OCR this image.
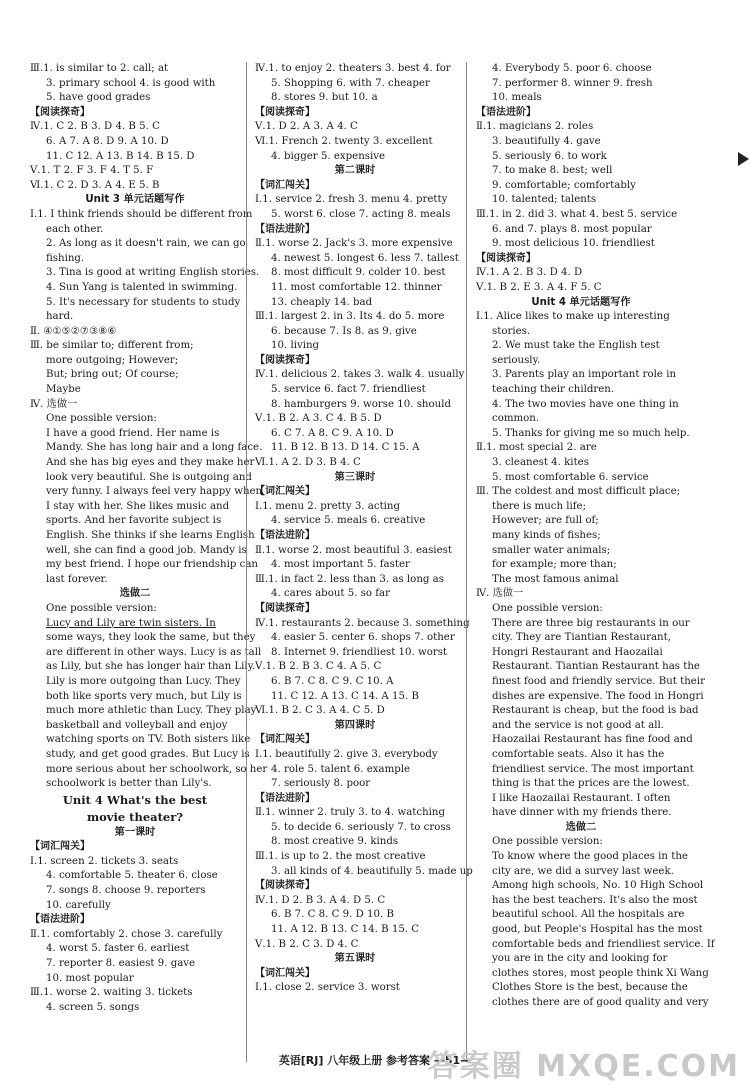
Ⅲ.1. is similar to 2. call; at
3. primary school 4. is good with
5. have good grades
【阅读探奇】
Ⅳ.1. C 2. B 3. D 4. B 5. C
6. A 7. A 8. D 9. A 10. D
11. C 12. A 13. B 14. B 15. D
Ⅴ.1. T 2. F 3. F 4. T 5. F
Ⅵ.1. C 2. D 3. A 4. E 5. B
Unit 3 单元话题写作
Ⅰ.1. I think friends should be different from
each other.
2. As long as it doesn't rain, we can go
fishing.
3. Tina is good at writing English stories.
4. Sun Yang is talented in swimming.
5. It's necessary for students to study
hard.
Ⅱ. ④①⑤②⑦③⑧⑥
Ⅲ. be similar to; different from;
more outgoing; However;
But; bring out; Of course;
Maybe
Ⅳ. 选做一
One possible version:
I have a good friend. Her name is
Mandy. She has long hair and a long face.
And she has big eyes and they make her
look very beautiful. She is outgoing and
very funny. I always feel very happy when
I stay with her. She likes music and
sports. And her favorite subject is
English. She thinks if she learns English
well, she can find a good job. Mandy is
my best friend. I hope our friendship can
last forever.
选做二
One possible version:
Lucy and Lily are twin sisters. In
some ways, they look the same, but they
are different in other ways. Lucy is as tall
as Lily, but she has longer hair than Lily.
Lily is more outgoing than Lucy. They
both like sports very much, but Lily is
much more athletic than Lucy. They play
basketball and volleyball and enjoy
watching sports on TV. Both sisters like
study, and get good grades. But Lucy is
more serious about her schoolwork, so her
schoolwork is better than Lily's.
Unit 4 What's the best
movie theater?
第一课时
【词汇闯关】
Ⅰ.1. screen 2. tickets 3. seats
4. comfortable 5. theater 6. close
7. songs 8. choose 9. reporters
10. carefully
【语法进阶】
Ⅱ.1. comfortably 2. chose 3. carefully
4. worst 5. faster 6. earliest
7. reporter 8. easiest 9. gave
10. most popular
Ⅲ.1. worse 2. waiting 3. tickets
4. screen 5. songs
Ⅳ.1. to enjoy 2. theaters 3. best 4. for
5. Shopping 6. with 7. cheaper
8. stores 9. but 10. a
【阅读探奇】
Ⅴ.1. D 2. A 3. A 4. C
Ⅵ.1. French 2. twenty 3. excellent
4. bigger 5. expensive
第二课时
【词汇闯关】
Ⅰ.1. service 2. fresh 3. menu 4. pretty
5. worst 6. close 7. acting 8. meals
【语法进阶】
Ⅱ.1. worse 2. Jack's 3. more expensive
4. newest 5. longest 6. less 7. tallest
8. most difficult 9. colder 10. best
11. most comfortable 12. thinner
13. cheaply 14. bad
Ⅲ.1. largest 2. in 3. Its 4. do 5. more
6. because 7. Is 8. as 9. give
10. living
【阅读探奇】
Ⅳ.1. delicious 2. takes 3. walk 4. usually
5. service 6. fact 7. friendliest
8. hamburgers 9. worse 10. should
Ⅴ.1. B 2. A 3. C 4. B 5. D
6. C 7. A 8. C 9. A 10. D
11. B 12. B 13. D 14. C 15. A
Ⅵ.1. A 2. D 3. B 4. C
第三课时
【词汇闯关】
Ⅰ.1. menu 2. pretty 3. acting
4. service 5. meals 6. creative
【语法进阶】
Ⅱ.1. worse 2. most beautiful 3. easiest
4. most important 5. faster
Ⅲ.1. in fact 2. less than 3. as long as
4. cares about 5. so far
【阅读探奇】
Ⅳ.1. restaurants 2. because 3. something
4. easier 5. center 6. shops 7. other
8. Internet 9. friendliest 10. worst
Ⅴ.1. B 2. B 3. C 4. A 5. C
6. B 7. C 8. C 9. C 10. A
11. C 12. A 13. C 14. A 15. B
Ⅵ.1. B 2. C 3. A 4. C 5. D
第四课时
【词汇闯关】
Ⅰ.1. beautifully 2. give 3. everybody
4. role 5. talent 6. example
7. seriously 8. poor
【语法进阶】
Ⅱ.1. winner 2. truly 3. to 4. watching
5. to decide 6. seriously 7. to cross
8. most creative 9. kinds
Ⅲ.1. is up to 2. the most creative
3. all kinds of 4. beautifully 5. made up
【阅读探奇】
Ⅳ.1. D 2. B 3. A 4. D 5. C
6. B 7. C 8. C 9. D 10. B
11. A 12. B 13. C 14. B 15. C
Ⅴ.1. B 2. C 3. D 4. C
第五课时
【词汇闯关】
Ⅰ.1. close 2. service 3. worst
4. Everybody 5. poor 6. choose
7. performer 8. winner 9. fresh
10. meals
【语法进阶】
Ⅱ.1. magicians 2. roles
3. beautifully 4. gave
5. seriously 6. to work
7. to make 8. best; well
9. comfortable; comfortably
10. talented; talents
Ⅲ.1. in 2. did 3. what 4. best 5. service
6. and 7. plays 8. most popular
9. most delicious 10. friendliest
【阅读探奇】
Ⅳ.1. A 2. B 3. D 4. D
Ⅴ.1. B 2. E 3. A 4. F 5. C
Unit 4 单元话题写作
Ⅰ.1. Alice likes to make up interesting
stories.
2. We must take the English test
seriously.
3. Parents play an important role in
teaching their children.
4. The two movies have one thing in
common.
5. Thanks for giving me so much help.
Ⅱ.1. most special 2. are
3. cleanest 4. kites
5. most comfortable 6. service
Ⅲ. The coldest and most difficult place;
there is much life;
However; are full of;
many kinds of fishes;
smaller water animals;
for example; more than;
The most famous animal
Ⅳ. 选做一
One possible version:
There are three big restaurants in our
city. They are Tiantian Restaurant,
Hongri Restaurant and Haozailai
Restaurant. Tiantian Restaurant has the
finest food and friendly service. But their
dishes are expensive. The food in Hongri
Restaurant is cheap, but the food is bad
and the service is not good at all.
Haozailai Restaurant has fine food and
comfortable seats. Also it has the
friendliest service. The most important
thing is that the prices are the lowest.
I like Haozailai Restaurant. I often
have dinner with my friends there.
选做二
One possible version:
To know where the good places in the
city are, we did a survey last week.
Among high schools, No. 10 High School
has the best teachers. It's also the most
beautiful school. All the hospitals are
good, but People's Hospital has the most
comfortable beds and friendliest service. If
you are in the city and looking for
clothes stores, most people think Xi Wang
Clothes Store is the best, because the
clothes there are of good quality and very
英语[RJ] 八年级上册 参考答案 —51—
答案圈 MXQE.COM
